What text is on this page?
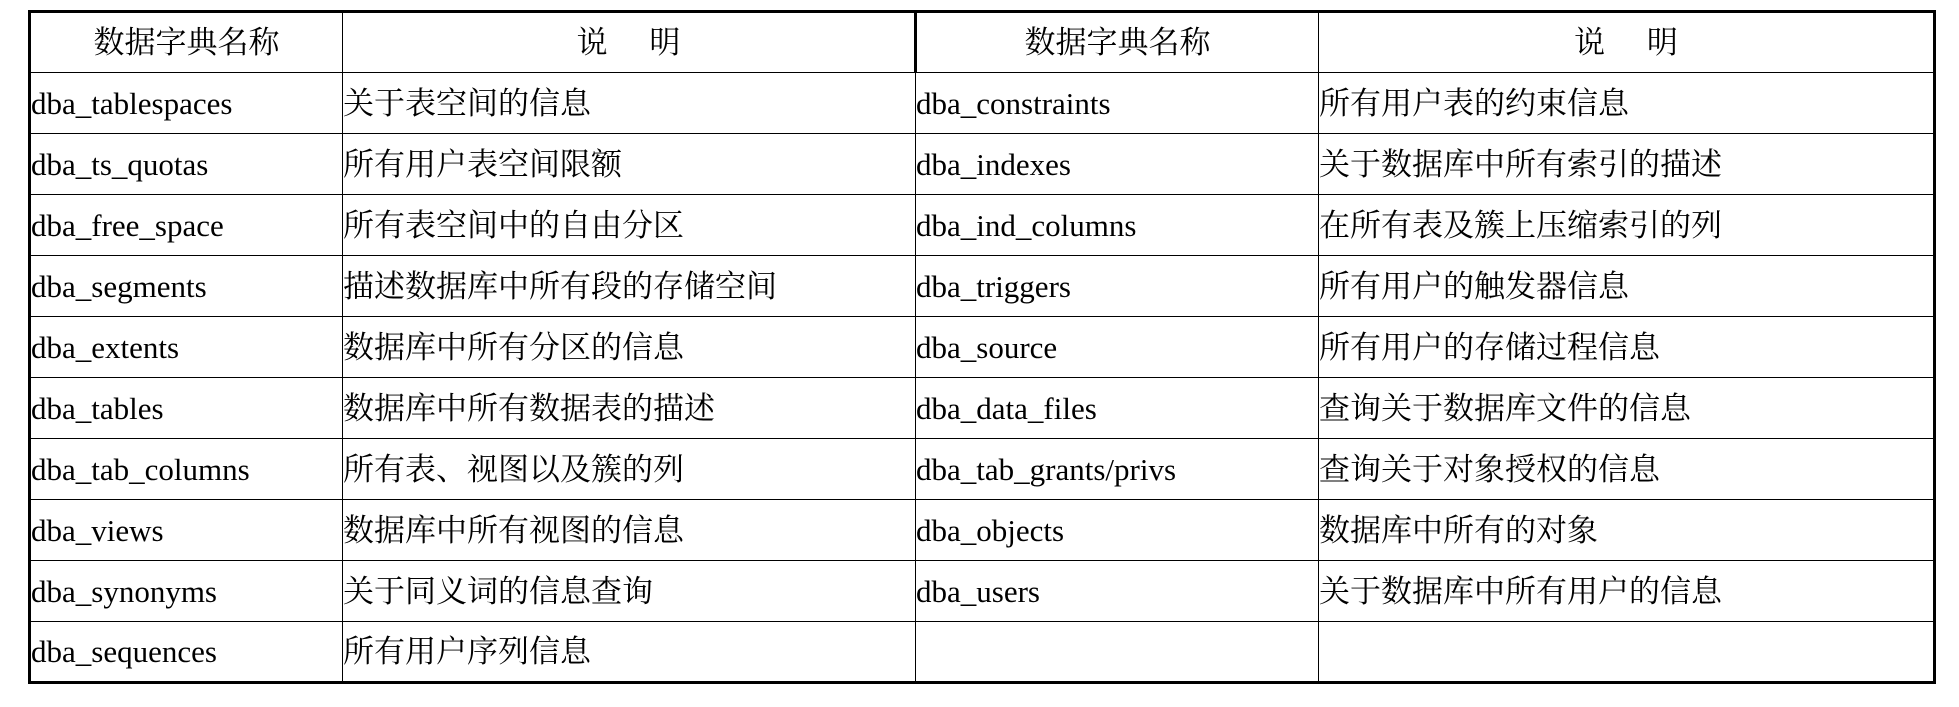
数据字典名称	说 明	数据字典名称	说 明
dba_tablespaces	关于表空间的信息	dba_constraints	所有用户表的约束信息
dba_ts_quotas	所有用户表空间限额	dba_indexes	关于数据库中所有索引的描述
dba_free_space	所有表空间中的自由分区	dba_ind_columns	在所有表及簇上压缩索引的列
dba_segments	描述数据库中所有段的存储空间	dba_triggers	所有用户的触发器信息
dba_extents	数据库中所有分区的信息	dba_source	所有用户的存储过程信息
dba_tables	数据库中所有数据表的描述	dba_data_files	查询关于数据库文件的信息
dba_tab_columns	所有表、视图以及簇的列	dba_tab_grants/privs	查询关于对象授权的信息
dba_views	数据库中所有视图的信息	dba_objects	数据库中所有的对象
dba_synonyms	关于同义词的信息查询	dba_users	关于数据库中所有用户的信息
dba_sequences	所有用户序列信息		
